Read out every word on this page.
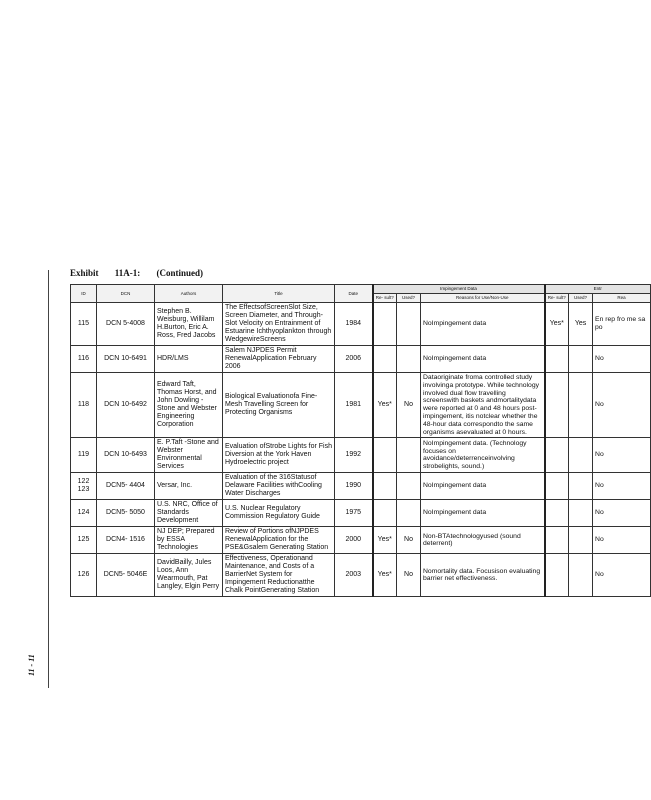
11 - 11
Exhibit 11A-1: (Continued)
ID	DCN	Authors	Title	Date	Impingement Data			Entr		
					Re- sult?	Used?	Reasons for Use/Non-Use	Re- sult?	Used?	Rea
115	DCN 5-4008	Stephen B. Weisburg, Willilam H.Burton, Eric A. Ross, Fred Jacobs	The EffectsofScreenSlot Size, Screen Diameter, and Through-Slot Velocity on Entrainment of Estuarine Ichthyoplankton through WedgewireScreens	1984			NoImpingement data	Yes*	Yes	En rep fro me sa po
116	DCN 10-6491	HDR/LMS	Salem NJPDES Permit RenewalApplication February 2006	2006			NoImpingement data			No
118	DCN 10-6492	Edward Taft, Thomas Horst, and John Dowling -Stone and Webster Engineering Corporation	Biological Evaluationofa Fine-Mesh Travelling Screen for Protecting Organisms	1981	Yes*	No	Dataoriginate froma controlled study involvinga prototype. While technology involved dual flow travelling screenswith baskets andmortalitydata were reported at 0 and 48 hours post-impingement, itis notclear whether the 48-hour data correspondto the same organisms asevaluated at 0 hours.			No
119	DCN 10-6493	E. P.Taft -Stone and Webster Environmental Services	Evaluation ofStrobe Lights for Fish Diversion at the York Haven Hydroelectric project	1992			NoImpingement data. (Technology focuses on avoidance/deterrenceinvolving strobelights, sound.)			No
122 123	DCN5- 4404	Versar, Inc.	Evaluation of the 316Statusof Delaware Facilities withCooling Water Discharges	1990			NoImpingement data			No
124	DCN5- 5050	U.S. NRC, Office of Standards Development	U.S. Nuclear Regulatory Commission Regulatory Guide	1975			NoImpingement data			No
125	DCN4- 1516	NJ DEP; Prepared by ESSA Technologies	Review of Portions ofNJPDES RenewalApplication for the PSE&Gsalem Generating Station	2000	Yes*	No	Non-BTAtechnologyused (sound deterrent)			No
126	DCN5- 5046E	DavidBailly, Jules Loos, Ann Wearmouth, Pat Langley, Elgin Perry	Effectiveness, Operationand Maintenance, and Costs of a BarrierNet System for Impingement Reductionatthe Chalk PointGenerating Station	2003	Yes*	No	Nomortality data. Focusison evaluating barrier net effectiveness.			No
